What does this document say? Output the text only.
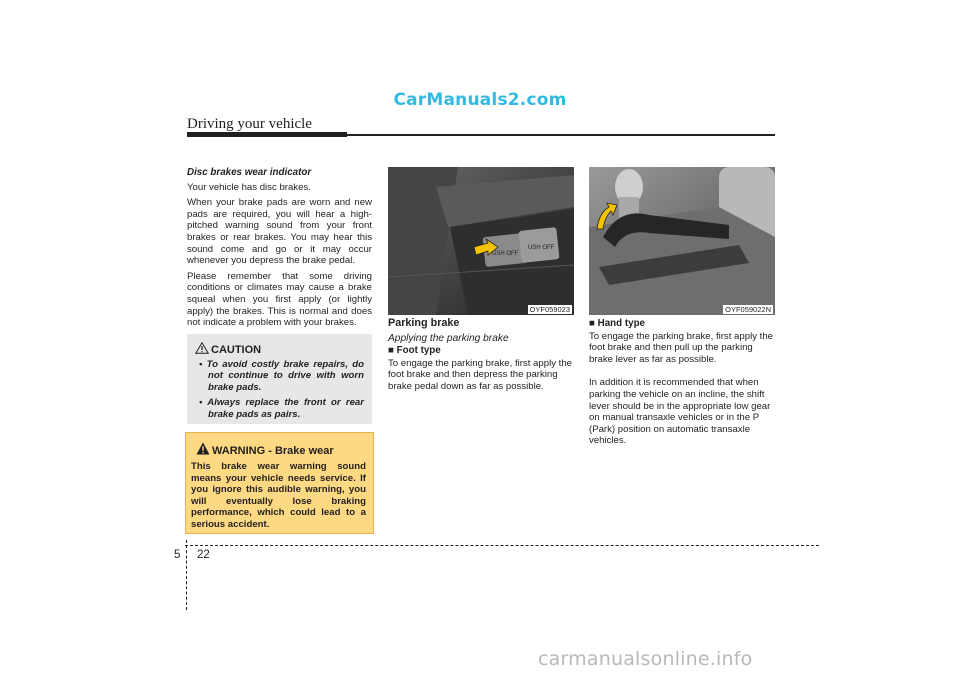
CarManuals2.com
Driving your vehicle
Disc brakes wear indicator

Your vehicle has disc brakes.

When your brake pads are worn and new pads are required, you will hear a high-pitched warning sound from your front brakes or rear brakes. You may hear this sound come and go or it may occur whenever you depress the brake pedal.

Please remember that some driving conditions or climates may cause a brake squeal when you first apply (or lightly apply) the brakes. This is normal and does not indicate a problem with your brakes.

CAUTION
• To avoid costly brake repairs, do not continue to drive with worn brake pads.
• Always replace the front or rear brake pads as pairs.
WARNING - Brake wear
This brake wear warning sound means your vehicle needs service. If you ignore this audible warning, you will eventually lose braking performance, which could lead to a serious accident.
USH OFF
USH OFF
OYF059023	OYF059022N
Parking brake
Applying the parking brake
■ Foot type

To engage the parking brake, first apply the foot brake and then depress the parking brake pedal down as far as possible.

■ Hand type

To engage the parking brake, first apply the foot brake and then pull up the parking brake lever as far as possible.

In addition it is recommended that when parking the vehicle on an incline, the shift lever should be in the appropriate low gear on manual transaxle vehicles or in the P (Park) position on automatic transaxle vehicles.

5 22
carmanualsonline.info
